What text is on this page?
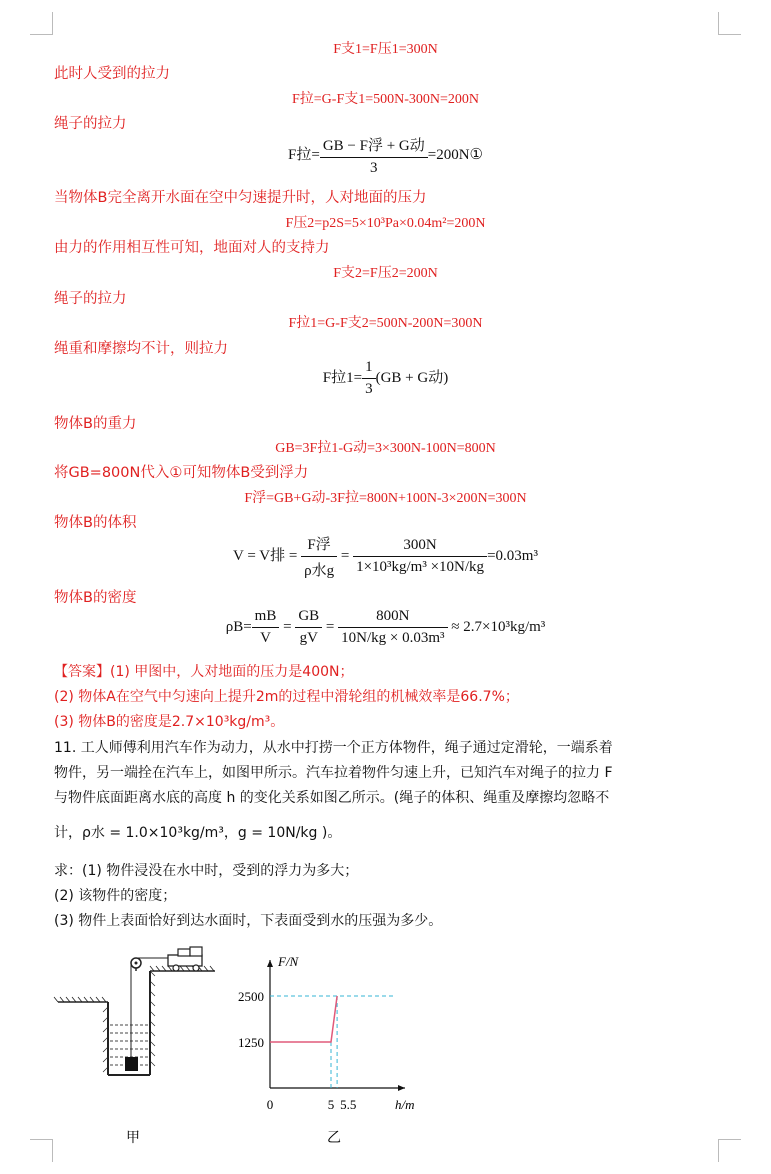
F支1=F压1=300N
此时人受到的拉力
F拉=G-F支1=500N-300N=200N
绳子的拉力
F拉= $\frac{\text{GB − F浮 + G动}}{3}$ =200N①
当物体B完全离开水面在空中匀速提升时，人对地面的压力
F压2=p2S=5×10³Pa×0.04m²=200N
由力的作用相互性可知，地面对人的支持力
F支2=F压2=200N
绳子的拉力
F拉1=G-F支2=500N-200N=300N
绳重和摩擦均不计，则拉力
F拉$1= \frac{1}{3} (GB + G$动)
物体B的重力
GB=3F拉1-G动=3×300N-100N=800N
将GB=800N代入①可知物体B受到浮力
F浮=GB+G动-3F拉=800N+100N-3×200N=300N
物体B的体积
V = V排 = $\frac{\text{F浮}}{\text{ρ水g}} = \frac{300N}{\text{1×10³kg/m³ ×10N/kg}} =0.03m^3$
物体B的密度
$\rho B= \frac{mB}{V} = \frac{GB}{gV} = \frac{800N}{\text{10N/kg × 0.03m³}} \approx 2.7\times 10^3kg/m^3$
【答案】(1) 甲图中，人对地面的压力是400N；
(2) 物体A在空气中匀速向上提升2m的过程中滑轮组的机械效率是66.7%；
(3) 物体B的密度是2.7×10³kg/m³。
11. 工人师傅利用汽车作为动力，从水中打捞一个正方体物件，绳子通过定滑轮，一端系着
物件，另一端拴在汽车上，如图甲所示。汽车拉着物件匀速上升，已知汽车对绳子的拉力 F
与物件底面距离水底的高度 h 的变化关系如图乙所示。(绳子的体积、绳重及摩擦均忽略不
计，ρ水 = 1.0×10³kg/m³，g = 10N/kg )。
求：(1) 物件浸没在水中时，受到的浮力为多大；
(2) 该物件的密度；
(3) 物件上表面恰好到达水面时，下表面受到水的压强为多少。
甲
F/N
h/m
2500
1250
0	5 5.5
乙
